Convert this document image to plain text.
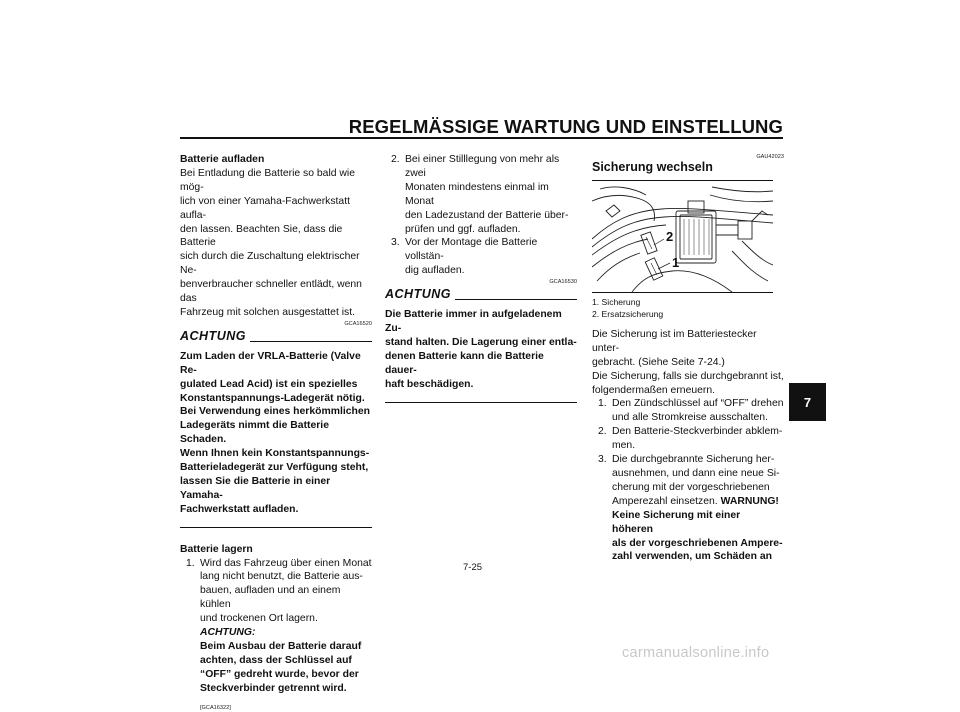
REGELMÄSSIGE WARTUNG UND EINSTELLUNG

Batterie aufladen

Bei Entladung die Batterie so bald wie mög-

lich von einer Yamaha-Fachwerkstatt aufla-

den lassen. Beachten Sie, dass die Batterie

sich durch die Zuschaltung elektrischer Ne-

benverbraucher schneller entlädt, wenn das

Fahrzeug mit solchen ausgestattet ist.

GCA16520
ACHTUNG

Zum Laden der VRLA-Batterie (Valve Re-

gulated Lead Acid) ist ein spezielles

Konstantspannungs-Ladegerät nötig.

Bei Verwendung eines herkömmlichen

Ladegeräts nimmt die Batterie Schaden.

Wenn Ihnen kein Konstantspannungs-

Batterieladegerät zur Verfügung steht,

lassen Sie die Batterie in einer Yamaha-

Fachwerkstatt aufladen.

Batterie lagern

1. Wird das Fahrzeug über einen Monat

lang nicht benutzt, die Batterie aus-

bauen, aufladen und an einem kühlen

und trockenen Ort lagern. ACHTUNG:

Beim Ausbau der Batterie darauf

achten, dass der Schlüssel auf

“OFF” gedreht wurde, bevor der

Steckverbinder getrennt wird.

[GCA16322]
2. Bei einer Stilllegung von mehr als zwei

Monaten mindestens einmal im Monat

den Ladezustand der Batterie über-

prüfen und ggf. aufladen.

3. Vor der Montage die Batterie vollstän-

dig aufladen.

GCA16530
ACHTUNG

Die Batterie immer in aufgeladenem Zu-

stand halten. Die Lagerung einer entla-

denen Batterie kann die Batterie dauer-

haft beschädigen.

GAU42023

Sicherung wechseln

2
1

1. Sicherung

2. Ersatzsicherung

Die Sicherung ist im Batteriestecker unter-

gebracht. (Siehe Seite 7-24.)

Die Sicherung, falls sie durchgebrannt ist,

folgendermaßen erneuern.

1. Den Zündschlüssel auf “OFF” drehen

und alle Stromkreise ausschalten.

2. Den Batterie-Steckverbinder abklem-

men.

3. Die durchgebrannte Sicherung her-

ausnehmen, und dann eine neue Si-

cherung mit der vorgeschriebenen

Amperezahl einsetzen. WARNUNG!

Keine Sicherung mit einer höheren

als der vorgeschriebenen Ampere-

zahl verwenden, um Schäden an

7-25
7
carmanualsonline.info
